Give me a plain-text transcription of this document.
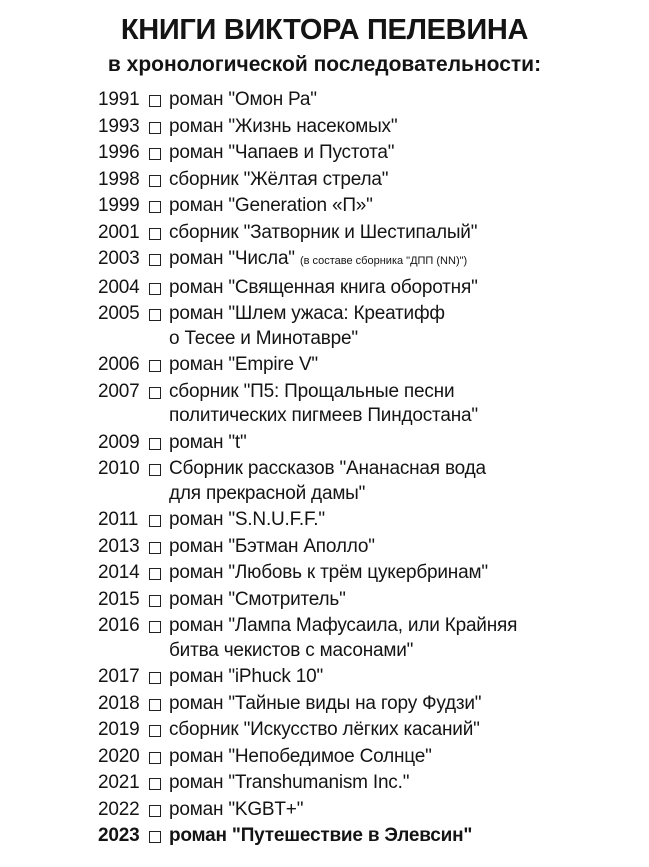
КНИГИ ВИКТОРА ПЕЛЕВИНА
в хронологической последовательности:
1991	роман "Омон Ра"
1993	роман "Жизнь насекомых"
1996	роман "Чапаев и Пустота"
1998	сборник "Жёлтая стрела"
1999	роман "Generation «П»"
2001	сборник "Затворник и Шестипалый"
2003	роман "Числа" (в составе сборника "ДПП (NN)")
2004	роман "Священная книга оборотня"
2005	роман "Шлем ужаса: Креатифф
о Тесее и Минотавре"
2006	роман "Empire V"
2007	сборник "П5: Прощальные песни
политических пигмеев Пиндостана"
2009	роман "t"
2010	Сборник рассказов "Ананасная вода
для прекрасной дамы"
2011	роман "S.N.U.F.F."
2013	роман "Бэтман Аполло"
2014	роман "Любовь к трём цукербринам"
2015	роман "Смотритель"
2016	роман "Лампа Мафусаила, или Крайняя
битва чекистов с масонами"
2017	роман "iPhuck 10"
2018	роман "Тайные виды на гору Фудзи"
2019	сборник "Искусство лёгких касаний"
2020	роман "Непобедимое Солнце"
2021	роман "Transhumanism Inc."
2022	роман "KGBT+"
2023	роман "Путешествие в Элевсин"
